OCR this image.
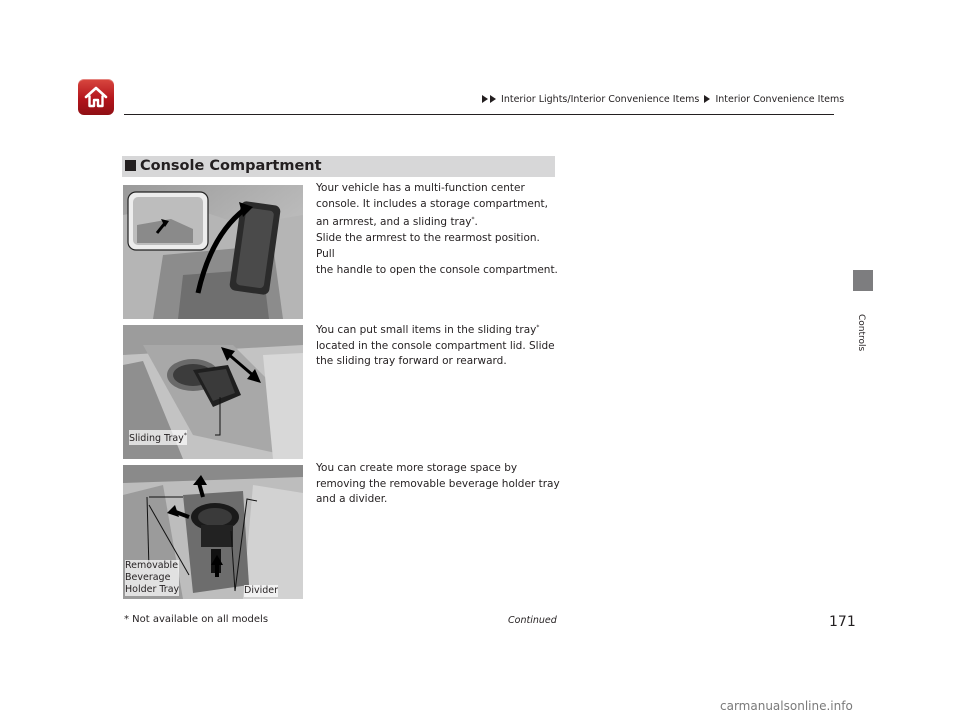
Interior Lights/Interior Convenience Items Interior Convenience Items
Console Compartment
Your vehicle has a multi-function center
console. It includes a storage compartment,
an armrest, and a sliding tray*.
Slide the armrest to the rearmost position. Pull
the handle to open the console compartment.
Sliding Tray*
You can put small items in the sliding tray*
located in the console compartment lid. Slide
the sliding tray forward or rearward.
Removable
Beverage
Holder Tray	Divider
You can create more storage space by
removing the removable beverage holder tray
and a divider.
Controls
* Not available on all models	Continued	171
carmanualsonline.info
